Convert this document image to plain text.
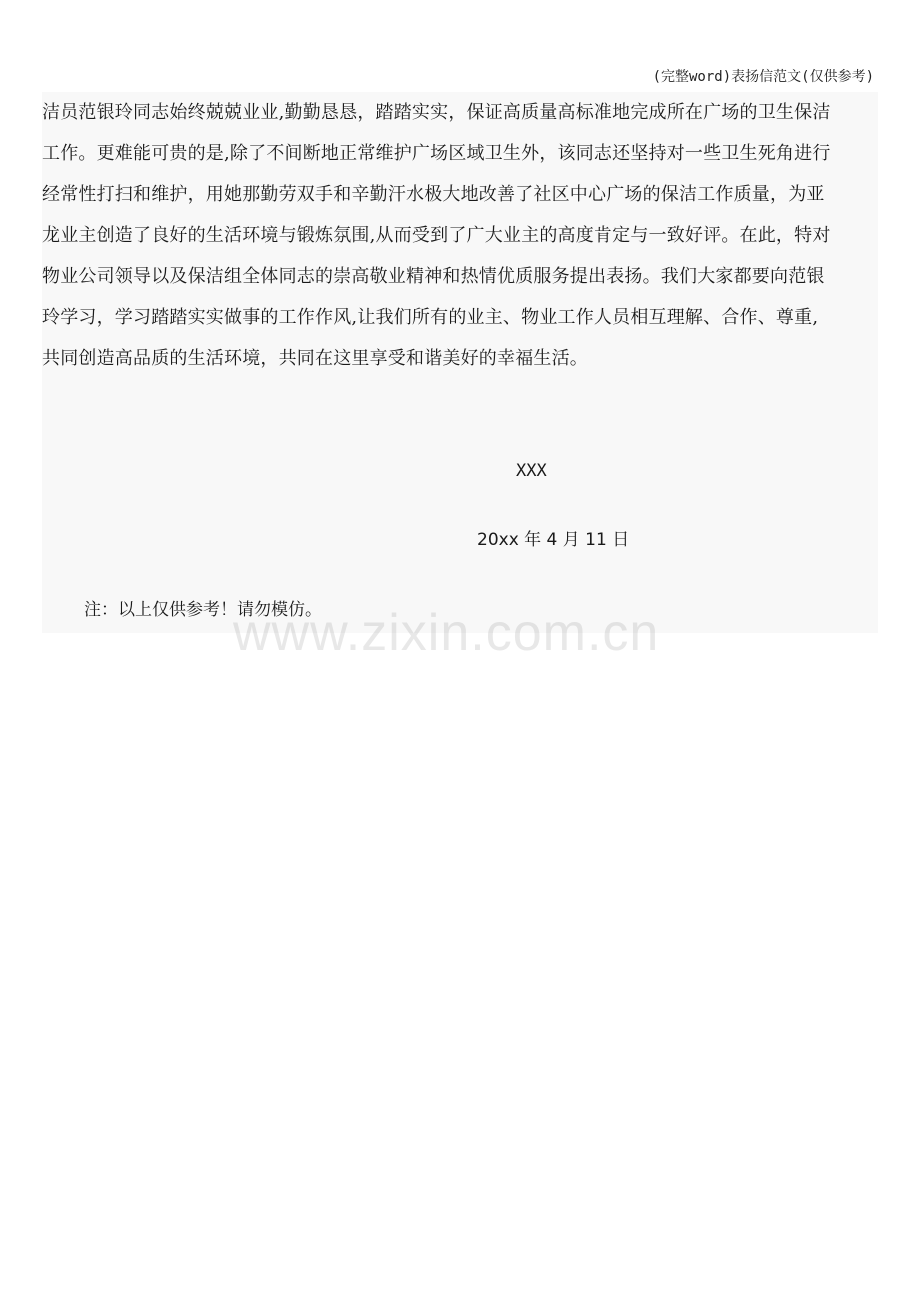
(完整word)表扬信范文(仅供参考)
洁员范银玲同志始终兢兢业业,勤勤恳恳，踏踏实实，保证高质量高标准地完成所在广场的卫生保洁
工作。更难能可贵的是,除了不间断地正常维护广场区域卫生外，该同志还坚持对一些卫生死角进行
经常性打扫和维护，用她那勤劳双手和辛勤汗水极大地改善了社区中心广场的保洁工作质量，为亚
龙业主创造了良好的生活环境与锻炼氛围,从而受到了广大业主的高度肯定与一致好评。在此，特对
物业公司领导以及保洁组全体同志的崇高敬业精神和热情优质服务提出表扬。我们大家都要向范银
玲学习，学习踏踏实实做事的工作作风,让我们所有的业主、物业工作人员相互理解、合作、尊重,
共同创造高品质的生活环境，共同在这里享受和谐美好的幸福生活。
XXX
20xx 年 4 月 11 日
注：以上仅供参考！请勿模仿。
www.zixin.com.cn
